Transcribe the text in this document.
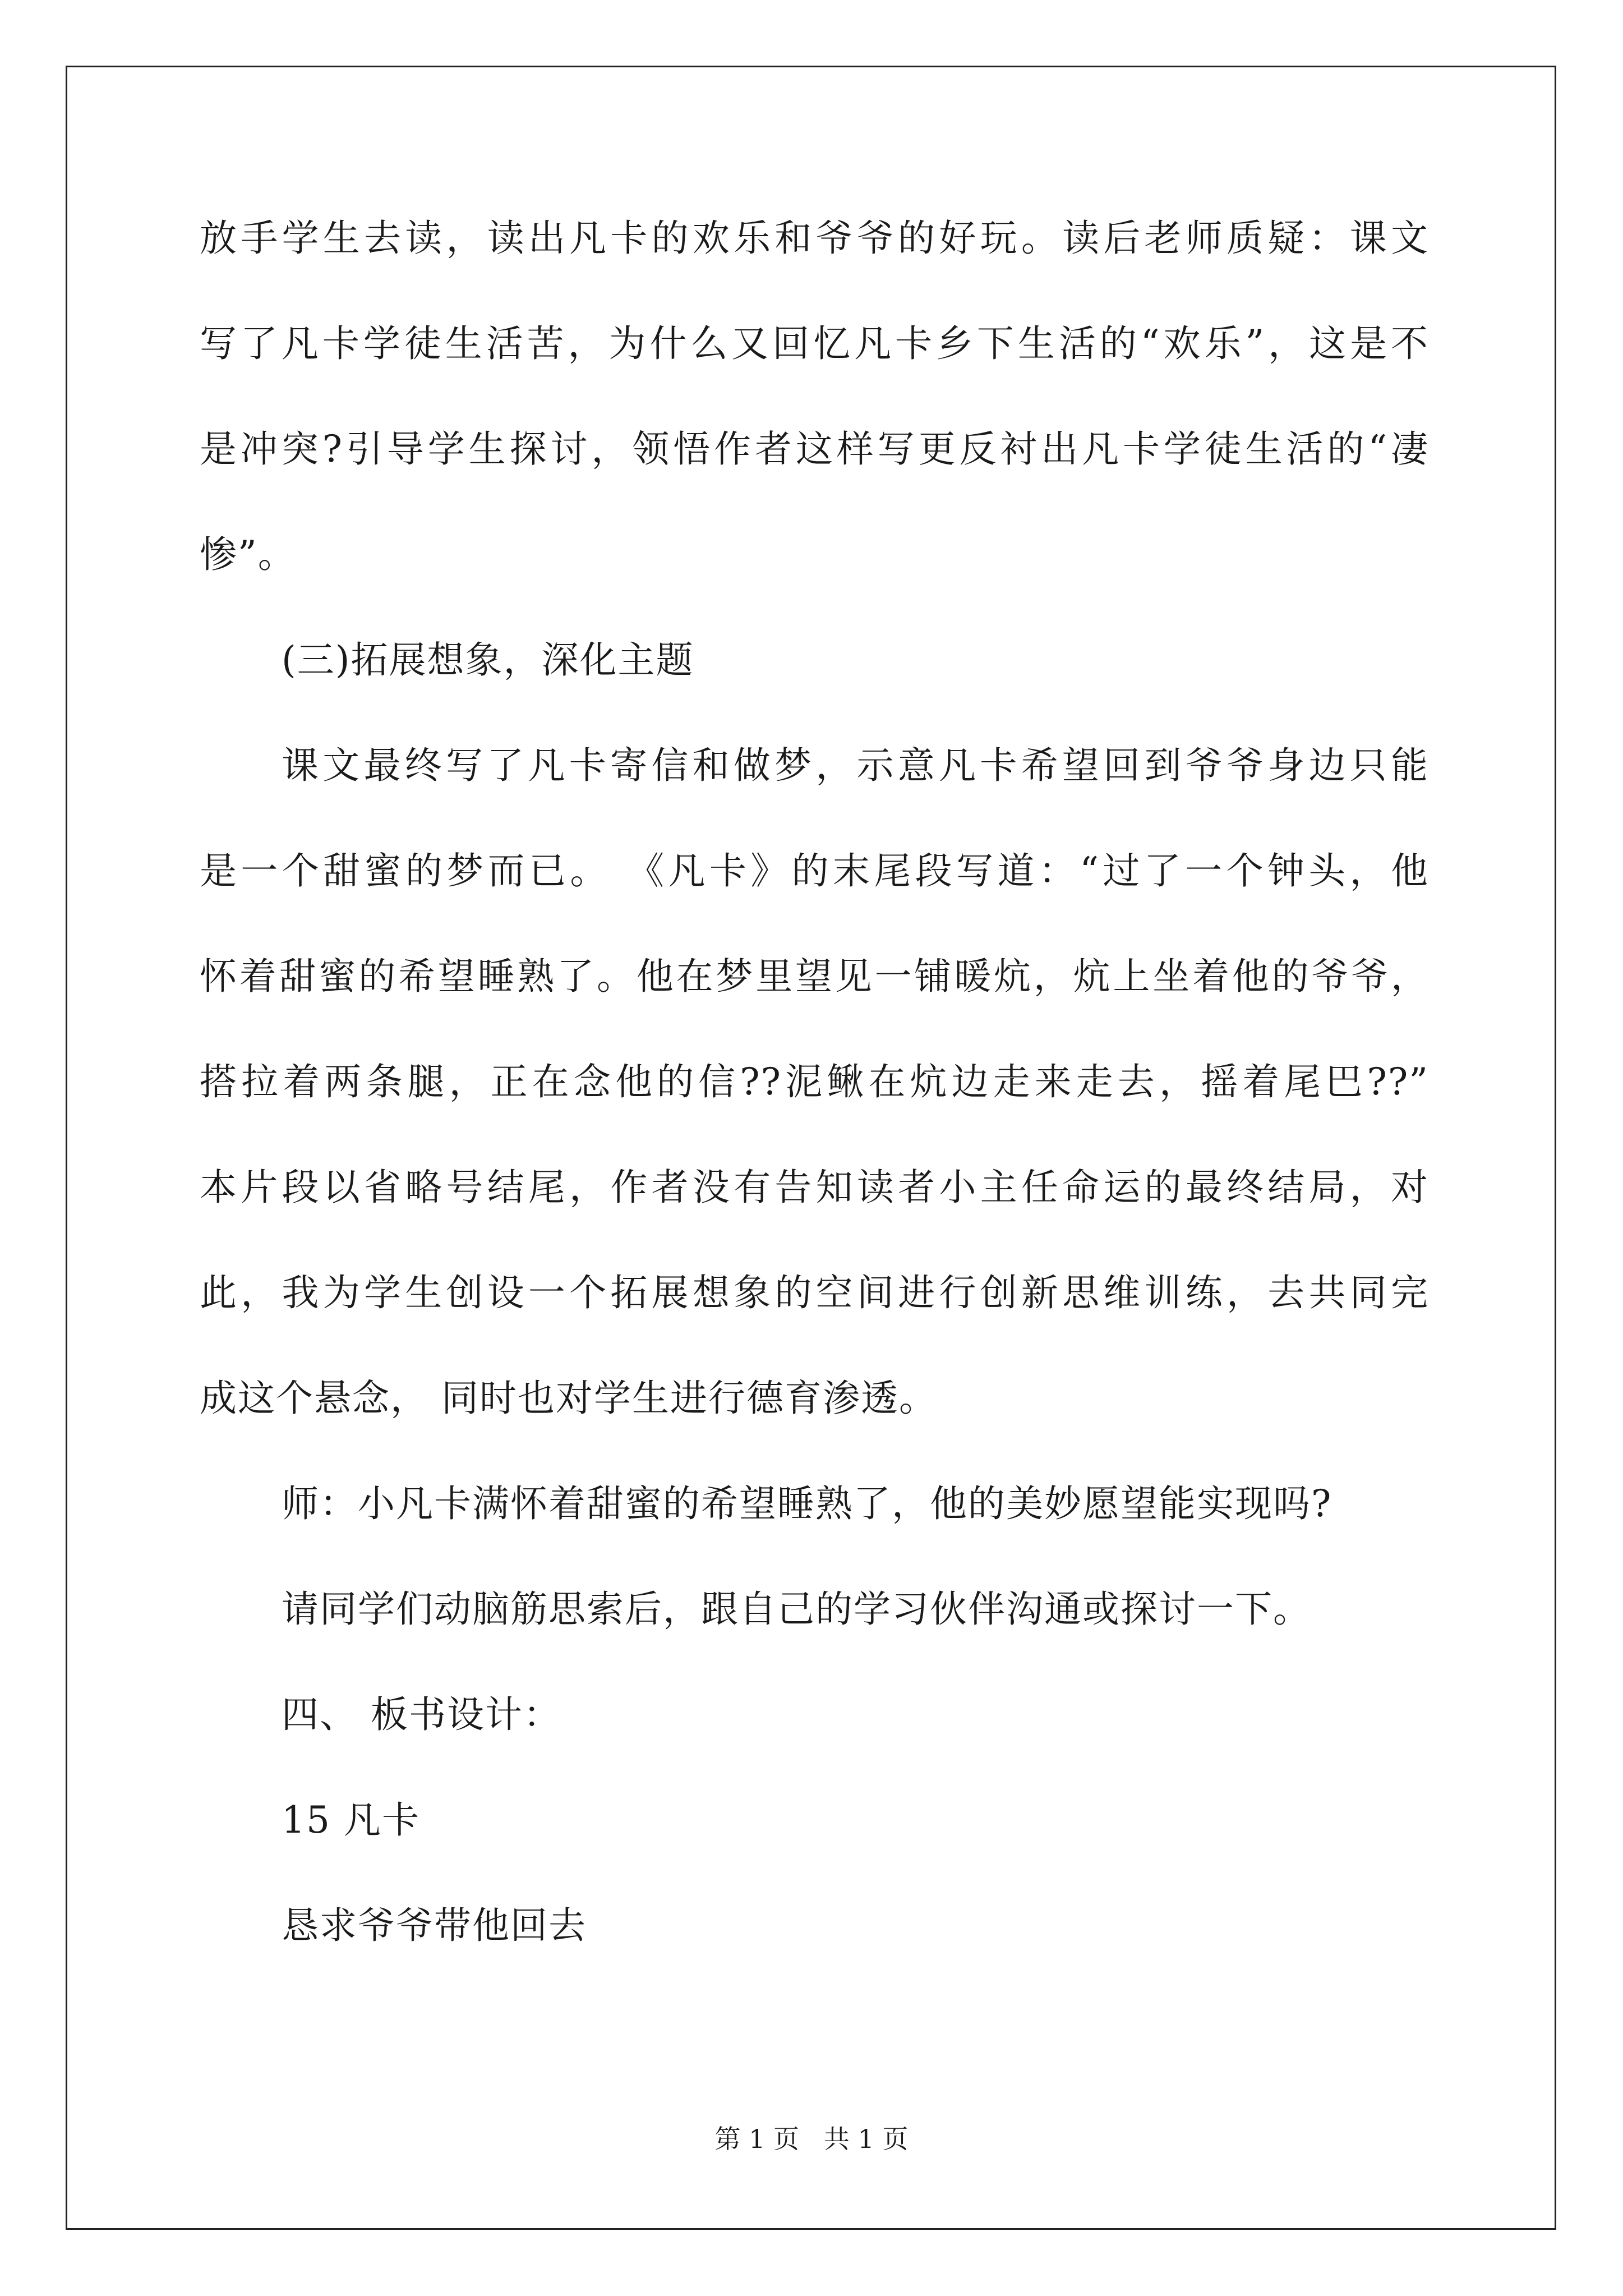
放手学生去读，读出凡卡的欢乐和爷爷的好玩。读后老师质疑：课文
写了凡卡学徒生活苦，为什么又回忆凡卡乡下生活的“欢乐”，这是不
是冲突?引导学生探讨，领悟作者这样写更反衬出凡卡学徒生活的“凄
惨”。
(三)拓展想象，深化主题
课文最终写了凡卡寄信和做梦，示意凡卡希望回到爷爷身边只能
是一个甜蜜的梦而已。 《凡卡》的末尾段写道：“过了一个钟头，他
怀着甜蜜的希望睡熟了。他在梦里望见一铺暖炕，炕上坐着他的爷爷，
搭拉着两条腿，正在念他的信??泥鳅在炕边走来走去，摇着尾巴??”
本片段以省略号结尾，作者没有告知读者小主任命运的最终结局，对
此，我为学生创设一个拓展想象的空间进行创新思维训练，去共同完
成这个悬念， 同时也对学生进行德育渗透。
师：小凡卡满怀着甜蜜的希望睡熟了，他的美妙愿望能实现吗?
请同学们动脑筋思索后，跟自己的学习伙伴沟通或探讨一下。
四、 板书设计：
15 凡卡
恳求爷爷带他回去
第 1 页   共 1 页
